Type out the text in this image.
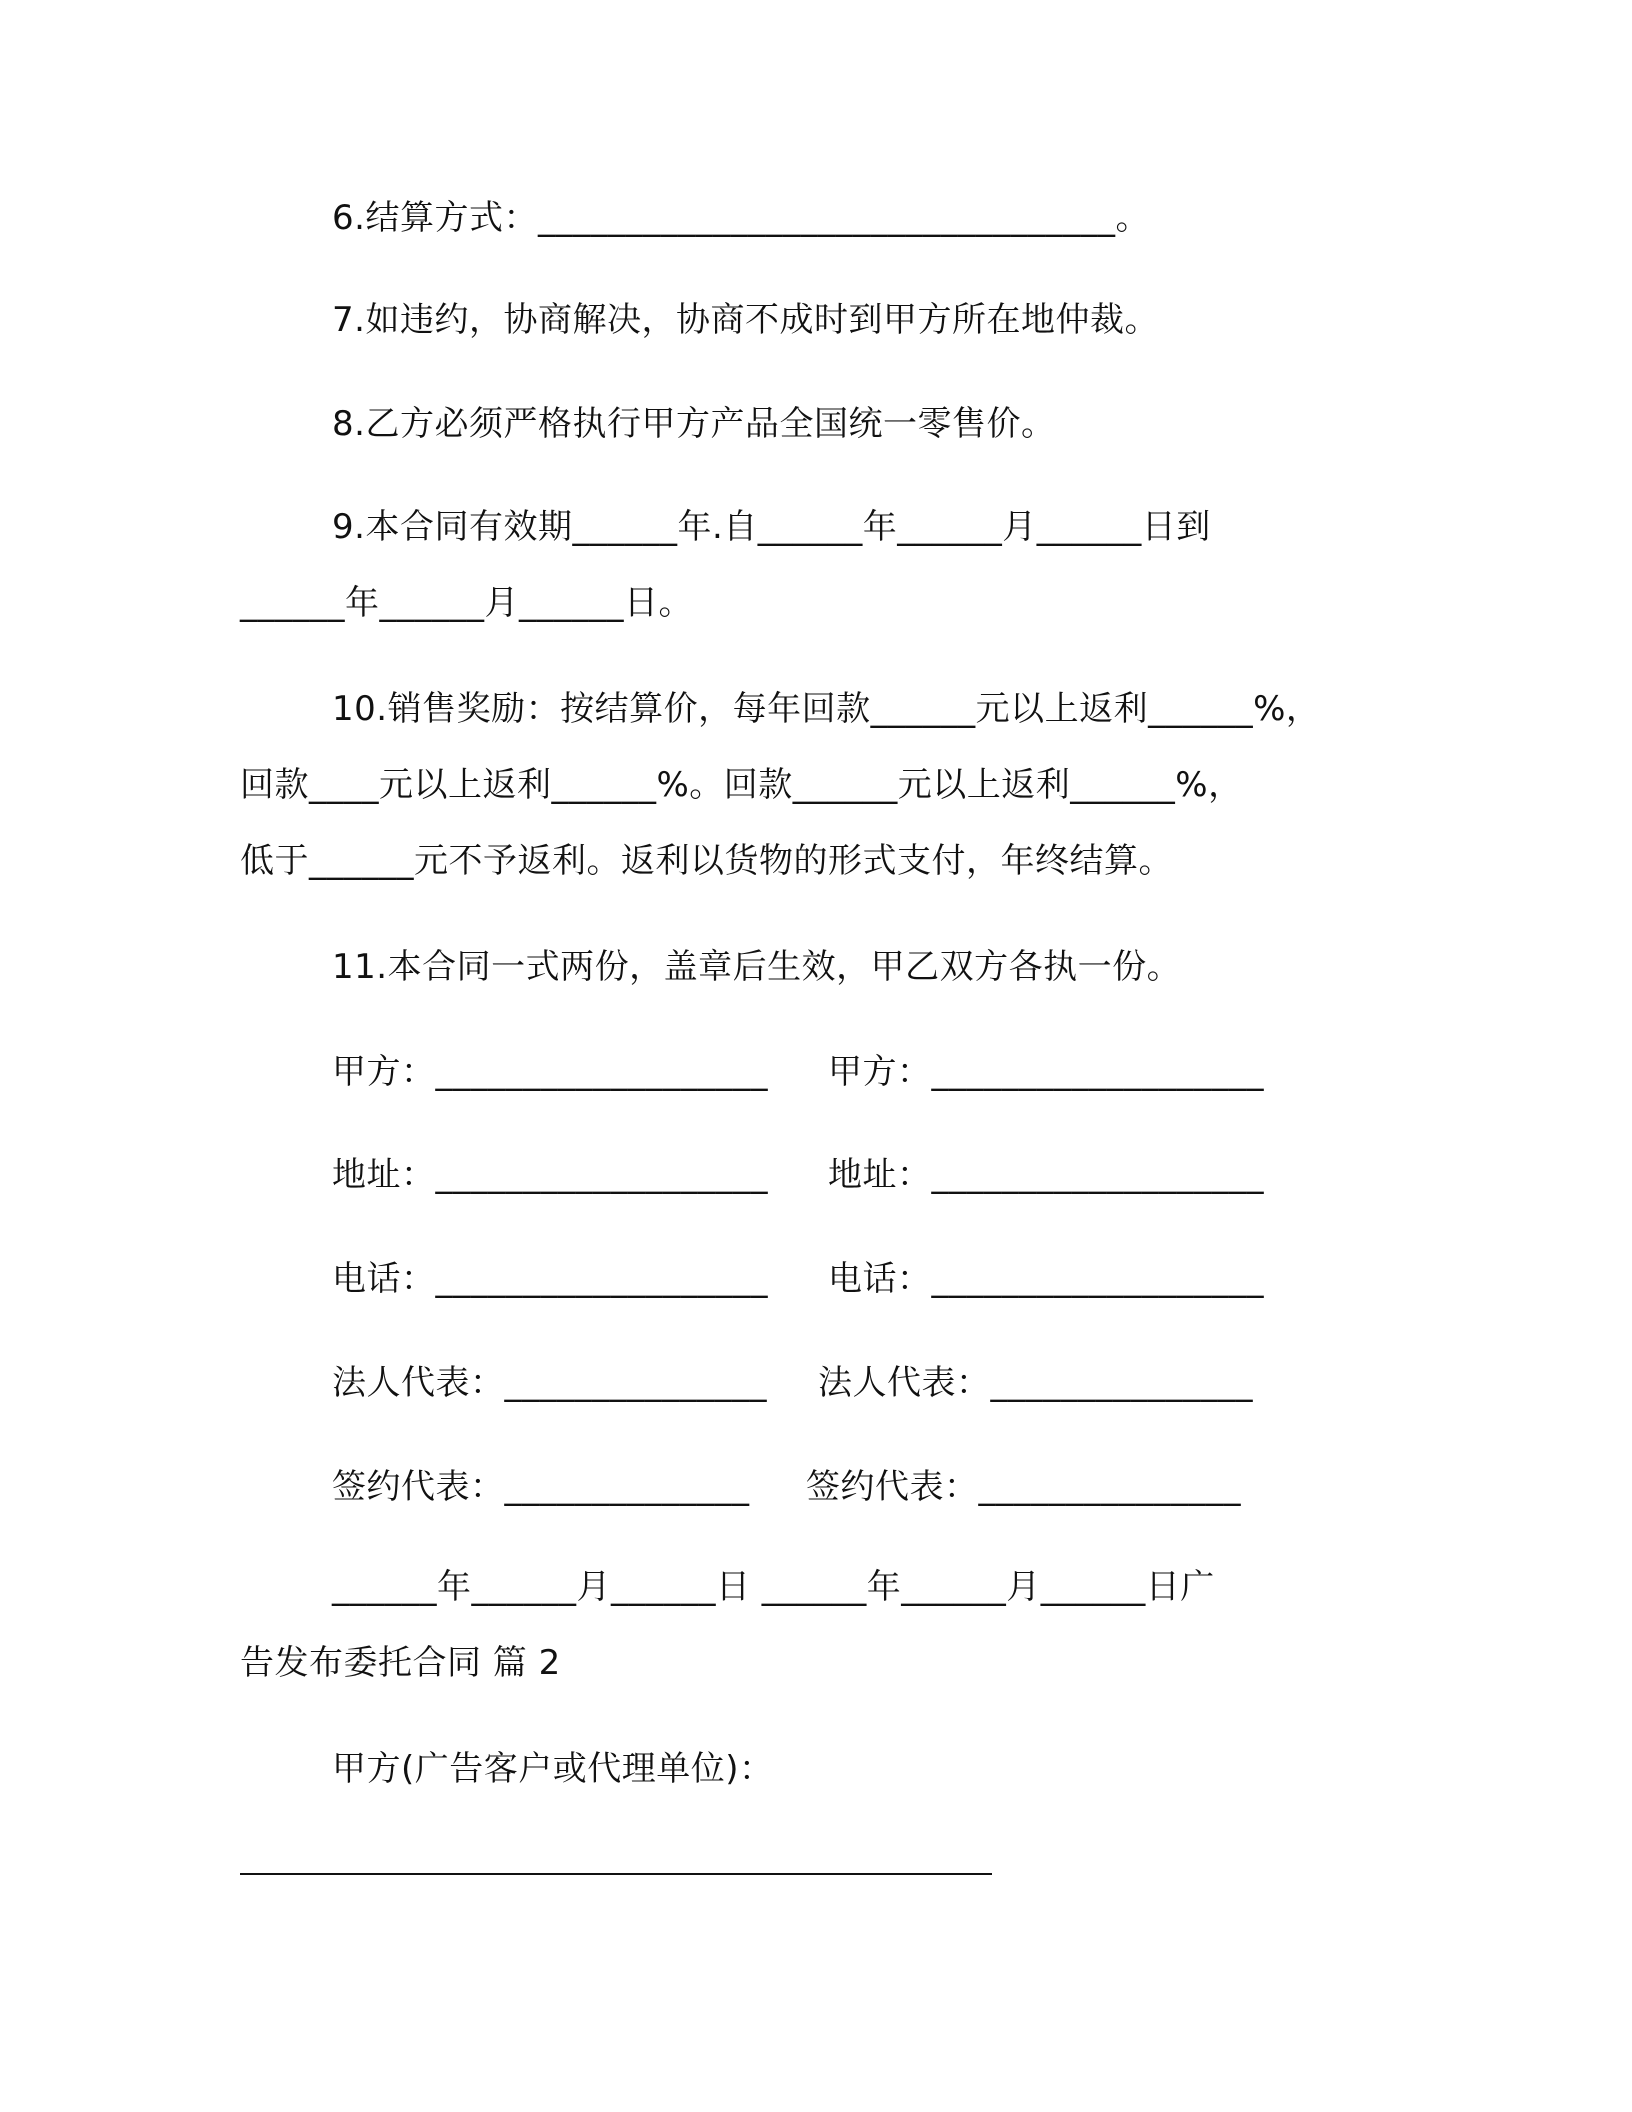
6.结算方式：_________________________________。

7.如违约，协商解决，协商不成时到甲方所在地仲裁。

8.乙方必须严格执行甲方产品全国统一零售价。

9.本合同有效期______年.自______年______月______日到

______年______月______日。

10.销售奖励：按结算价，每年回款______元以上返利______%，

回款____元以上返利______%。回款______元以上返利______%，

低于______元不予返利。返利以货物的形式支付，年终结算。

11.本合同一式两份，盖章后生效，甲乙双方各执一份。

甲方：___________________ 甲方：___________________

地址：___________________ 地址：___________________

电话：___________________ 电话：___________________

法人代表：_______________ 法人代表：_______________

签约代表：______________ 签约代表：_______________

______年______月______日 ______年______月______日广

告发布委托合同 篇 2

甲方(广告客户或代理单位)：
